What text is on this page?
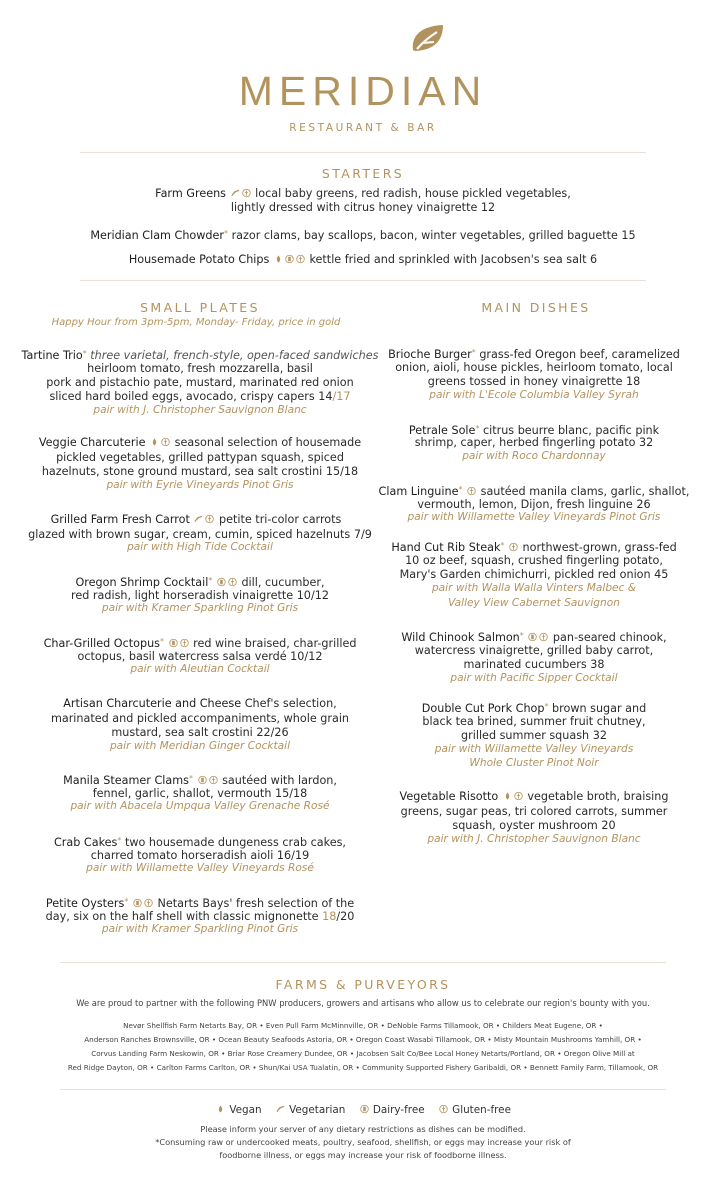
MERIDIAN
RESTAURANT & BAR
STARTERS
Farm Greens	local baby greens, red radish, house pickled vegetables,
lightly dressed with citrus honey vinaigrette 12
Meridian Clam Chowder* razor clams, bay scallops, bacon, winter vegetables, grilled baguette 15
Housemade Potato Chips	kettle fried and sprinkled with Jacobsen's sea salt 6
SMALL PLATES
Happy Hour from 3pm-5pm, Monday- Friday, price in gold
Tartine Trio* three varietal, french-style, open-faced sandwiches
heirloom tomato, fresh mozzarella, basil
pork and pistachio pate, mustard, marinated red onion
sliced hard boiled eggs, avocado, crispy capers 14/17
pair with J. Christopher Sauvignon Blanc
Veggie Charcuterie	seasonal selection of housemade
pickled vegetables, grilled pattypan squash, spiced
hazelnuts, stone ground mustard, sea salt crostini 15/18
pair with Eyrie Vineyards Pinot Gris
Grilled Farm Fresh Carrot	petite tri-color carrots
glazed with brown sugar, cream, cumin, spiced hazelnuts 7/9
pair with High Tide Cocktail
Oregon Shrimp Cocktail*	dill, cucumber,
red radish, light horseradish vinaigrette 10/12
pair with Kramer Sparkling Pinot Gris
Char-Grilled Octopus*	red wine braised, char-grilled
octopus, basil watercress salsa verdé 10/12
pair with Aleutian Cocktail
Artisan Charcuterie and Cheese Chef's selection,
marinated and pickled accompaniments, whole grain
mustard, sea salt crostini 22/26
pair with Meridian Ginger Cocktail
Manila Steamer Clams*	sautéed with lardon,
fennel, garlic, shallot, vermouth 15/18
pair with Abacela Umpqua Valley Grenache Rosé
Crab Cakes* two housemade dungeness crab cakes,
charred tomato horseradish aioli 16/19
pair with Willamette Valley Vineyards Rosé
Petite Oysters*	Netarts Bays' fresh selection of the
day, six on the half shell with classic mignonette 18/20
pair with Kramer Sparkling Pinot Gris
MAIN DISHES
Brioche Burger* grass-fed Oregon beef, caramelized
onion, aioli, house pickles, heirloom tomato, local
greens tossed in honey vinaigrette 18
pair with L'Ecole Columbia Valley Syrah
Petrale Sole* citrus beurre blanc, pacific pink
shrimp, caper, herbed fingerling potato 32
pair with Roco Chardonnay
Clam Linguine* sautéed manila clams, garlic, shallot,
vermouth, lemon, Dijon, fresh linguine 26
pair with Willamette Valley Vineyards Pinot Gris
Hand Cut Rib Steak* northwest-grown, grass-fed
10 oz beef, squash, crushed fingerling potato,
Mary's Garden chimichurri, pickled red onion 45
pair with Walla Walla Vinters Malbec &
Valley View Cabernet Sauvignon
Wild Chinook Salmon*	pan-seared chinook,
watercress vinaigrette, grilled baby carrot,
marinated cucumbers 38
pair with Pacific Sipper Cocktail
Double Cut Pork Chop* brown sugar and
black tea brined, summer fruit chutney,
grilled summer squash 32
pair with Willamette Valley Vineyards
Whole Cluster Pinot Noir
Vegetable Risotto	vegetable broth, braising
greens, sugar peas, tri colored carrots, summer
squash, oyster mushroom 20
pair with J. Christopher Sauvignon Blanc
FARMS & PURVEYORS
We are proud to partner with the following PNW producers, growers and artisans who allow us to celebrate our region's bounty with you.
Nevør Shellfish Farm Netarts Bay, OR • Even Pull Farm McMinnville, OR • DeNoble Farms Tillamook, OR • Childers Meat Eugene, OR •
Anderson Ranches Brownsville, OR • Ocean Beauty Seafoods Astoria, OR • Oregon Coast Wasabi Tillamook, OR • Misty Mountain Mushrooms Yamhill, OR •
Corvus Landing Farm Neskowin, OR • Briar Rose Creamery Dundee, OR • Jacobsen Salt Co/Bee Local Honey Netarts/Portland, OR • Oregon Olive Mill at
Red Ridge Dayton, OR • Carlton Farms Carlton, OR • Shun/Kai USA Tualatin, OR • Community Supported Fishery Garibaldi, OR • Bennett Family Farm, Tillamook, OR
Vegan	Vegetarian	Dairy-free	Gluten-free
Please inform your server of any dietary restrictions as dishes can be modified.
*Consuming raw or undercooked meats, poultry, seafood, shellfish, or eggs may increase your risk of
foodborne illness, or eggs may increase your risk of foodborne illness.
